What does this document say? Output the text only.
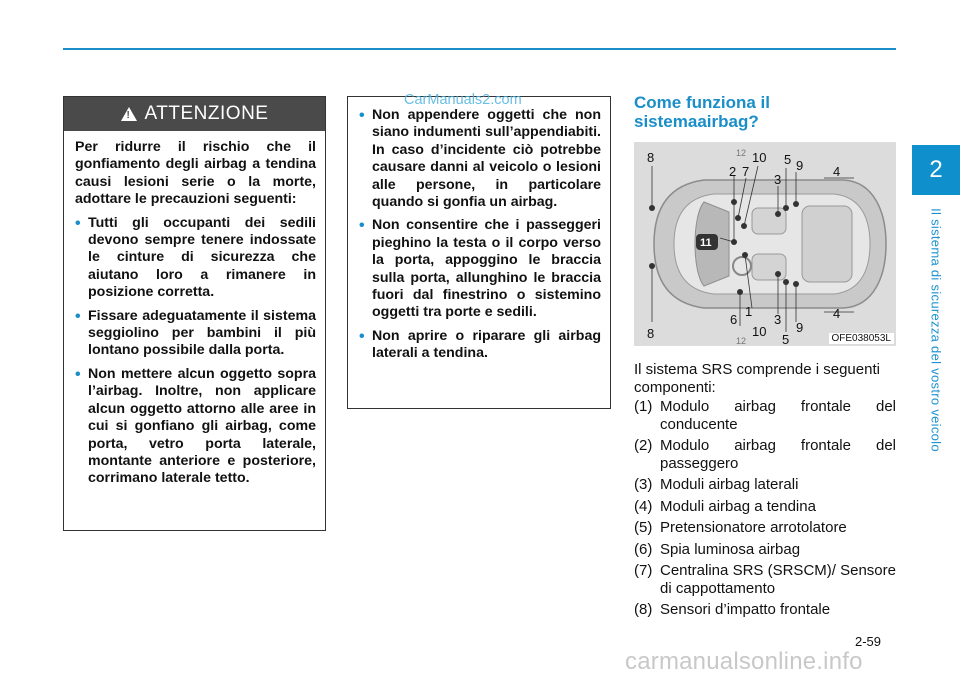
2
Il sistema di sicurezza del vostro veicolo
! ATTENZIONE

Per ridurre il rischio che il gonfiamento degli airbag a tendina causi lesioni serie o la morte, adottare le precauzioni seguenti:

• Tutti gli occupanti dei sedili devono sempre tenere indossate le cinture di sicurezza che aiutano loro a rimanere in posizione corretta.
• Fissare adeguatamente il sistema seggiolino per bambini il più lontano possibile dalla porta.
• Non mettere alcun oggetto sopra l’airbag. Inoltre, non applicare alcun oggetto attorno alle aree in cui si gonfiano gli airbag, come porta, vetro porta laterale, montante anteriore e posteriore, corrimano laterale tetto.
• Non appendere oggetti che non siano indumenti sull’appendiabiti. In caso d’incidente ciò potrebbe causare danni al veicolo o lesioni alle persone, in particolare quando si gonfia un airbag.
• Non consentire che i passeggeri pieghino la testa o il corpo verso la porta, appoggino le braccia sulla porta, allunghino le braccia fuori dal finestrino o sistemino oggetti tra porte e sedili.
• Non aprire o riparare gli airbag laterali a tendina.
CarManuals2.com	Come funziona il
sistemaairbag?
8
8
2 7
10 5 9
3
4
4
1
3
6
10
5
9
12
12
11
OFE038053L
Il sistema SRS comprende i seguenti componenti:
(1) Modulo airbag frontale del conducente
(2) Modulo airbag frontale del passeggero
(3) Moduli airbag laterali
(4) Moduli airbag a tendina
(5) Pretensionatore arrotolatore
(6) Spia luminosa airbag
(7) Centralina SRS (SRSCM)/ Sensore di cappottamento
(8) Sensori d’impatto frontale
2-59
carmanualsonline.info
